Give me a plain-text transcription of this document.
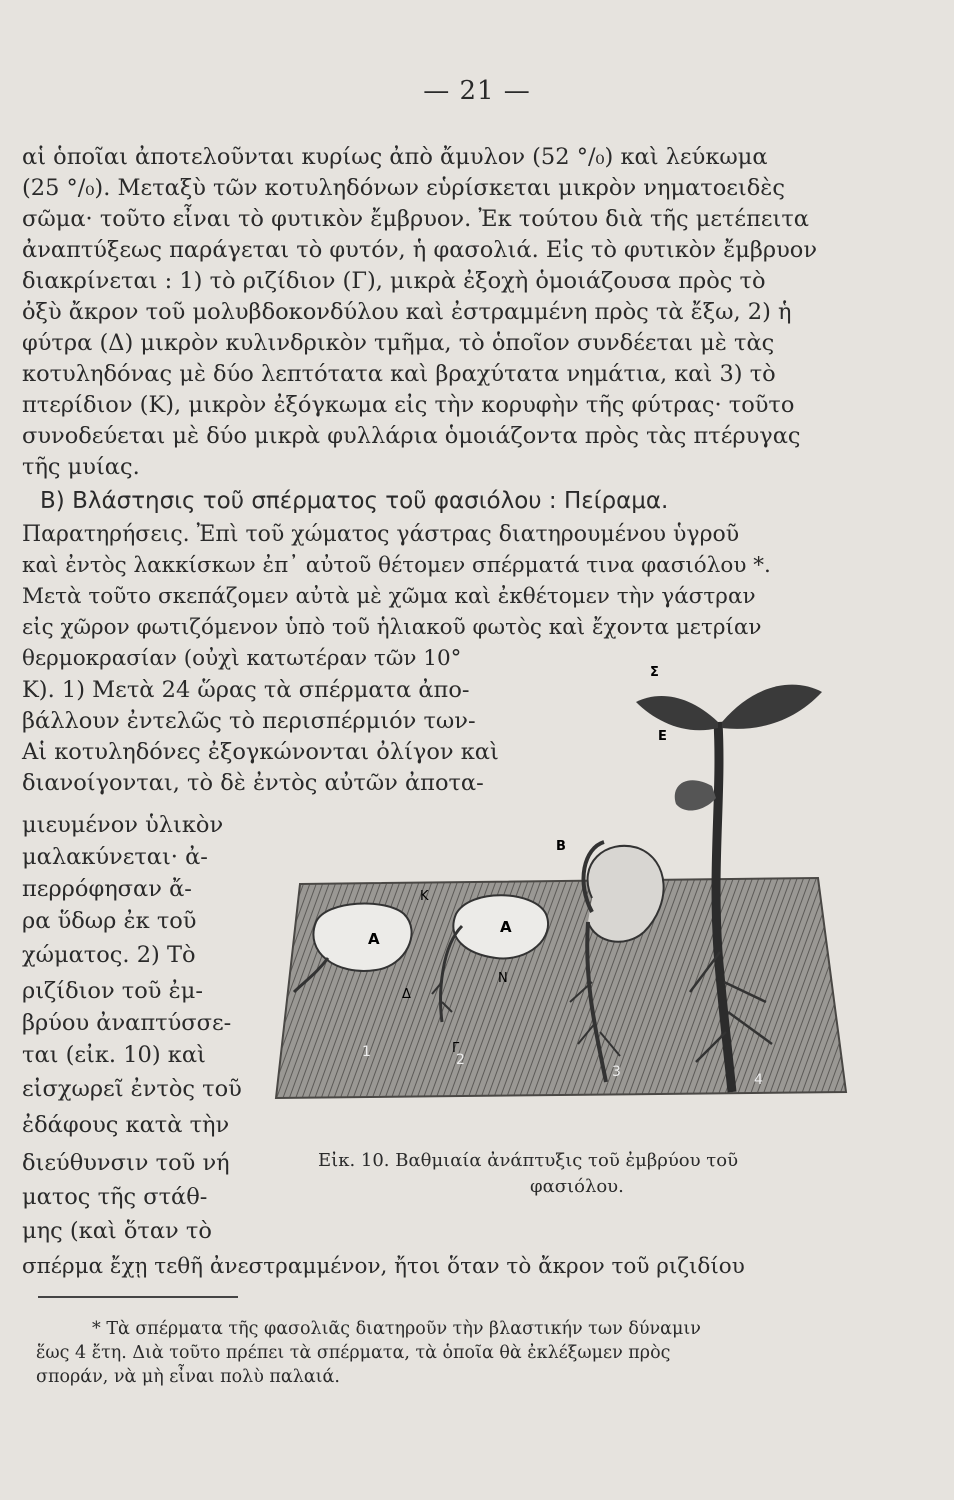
— 21 —
αἱ ὁποῖαι ἀποτελοῦνται κυρίως ἀπὸ ἄμυλον (52 °/₀) καὶ λεύκωμα
(25 °/₀). Μεταξὺ τῶν κοτυληδόνων εὑρίσκεται μικρὸν νηματοειδὲς
σῶμα· τοῦτο εἶναι τὸ φυτικὸν ἔμβρυον. Ἐκ τούτου διὰ τῆς μετέπειτα
ἀναπτύξεως παράγεται τὸ φυτόν, ἡ φασολιά. Εἰς τὸ φυτικὸν ἔμβρυον
διακρίνεται : 1) τὸ ριζίδιον (Γ), μικρὰ ἐξοχὴ ὁμοιάζουσα πρὸς τὸ
ὀξὺ ἄκρον τοῦ μολυβδοκονδύλου καὶ ἐστραμμένη πρὸς τὰ ἔξω, 2) ἡ
φύτρα (Δ) μικρὸν κυλινδρικὸν τμῆμα, τὸ ὁποῖον συνδέεται μὲ τὰς
κοτυληδόνας μὲ δύο λεπτότατα καὶ βραχύτατα νημάτια, καὶ 3) τὸ
πτερίδιον (Κ), μικρὸν ἐξόγκωμα εἰς τὴν κορυφὴν τῆς φύτρας· τοῦτο
συνοδεύεται μὲ δύο μικρὰ φυλλάρια ὁμοιάζοντα πρὸς τὰς πτέρυγας
τῆς μυίας.
Β) Βλάστησις τοῦ σπέρματος τοῦ φασιόλου : Πείραμα.
Παρατηρήσεις. Ἐπὶ τοῦ χώματος γάστρας διατηρουμένου ὑγροῦ
καὶ ἐντὸς λακκίσκων ἐπ᾿ αὐτοῦ θέτομεν σπέρματά τινα φασιόλου *.
Μετὰ τοῦτο σκεπάζομεν αὐτὰ μὲ χῶμα καὶ ἐκθέτομεν τὴν γάστραν
εἰς χῶρον φωτιζόμενον ὑπὸ τοῦ ἡλιακοῦ φωτὸς καὶ ἔχοντα μετρίαν
θερμοκρασίαν (οὐχὶ κατωτέραν τῶν 10°
Κ). 1) Μετὰ 24 ὥρας τὰ σπέρματα ἀπο-
βάλλουν ἐντελῶς τὸ περισπέρμιόν των-
Αἱ κοτυληδόνες ἐξογκώνονται ὀλίγον καὶ
διανοίγονται, τὸ δὲ ἐντὸς αὐτῶν ἀποτα-
μιευμένον ὑλικὸν
μαλακύνεται· ἀ-
περρόφησαν ἄ-
ρα ὕδωρ ἐκ τοῦ
χώματος. 2) Τὸ
ριζίδιον τοῦ ἐμ-
βρύου ἀναπτύσσε-
ται (εἰκ. 10) καὶ
εἰσχωρεῖ ἐντὸς τοῦ
ἐδάφους κατὰ τὴν
διεύθυνσιν τοῦ νή
ματος τῆς στάθ-
μης (καὶ ὅταν τὸ
σπέρμα ἔχῃ τεθῆ ἀνεστραμμένον, ἤτοι ὅταν τὸ ἄκρον τοῦ ριζιδίου
Α
Α
Κ
Ν
Γ
Δ
Β
Ε
Σ
1	2
3	4
Εἰκ. 10. Βαθμιαία ἀνάπτυξις τοῦ ἐμβρύου τοῦ
φασιόλου.
* Τὰ σπέρματα τῆς φασολιᾶς διατηροῦν τὴν βλαστικήν των δύναμιν
ἕως 4 ἔτη. Διὰ τοῦτο πρέπει τὰ σπέρματα, τὰ ὁποῖα θὰ ἐκλέξωμεν πρὸς
σποράν, νὰ μὴ εἶναι πολὺ παλαιά.
